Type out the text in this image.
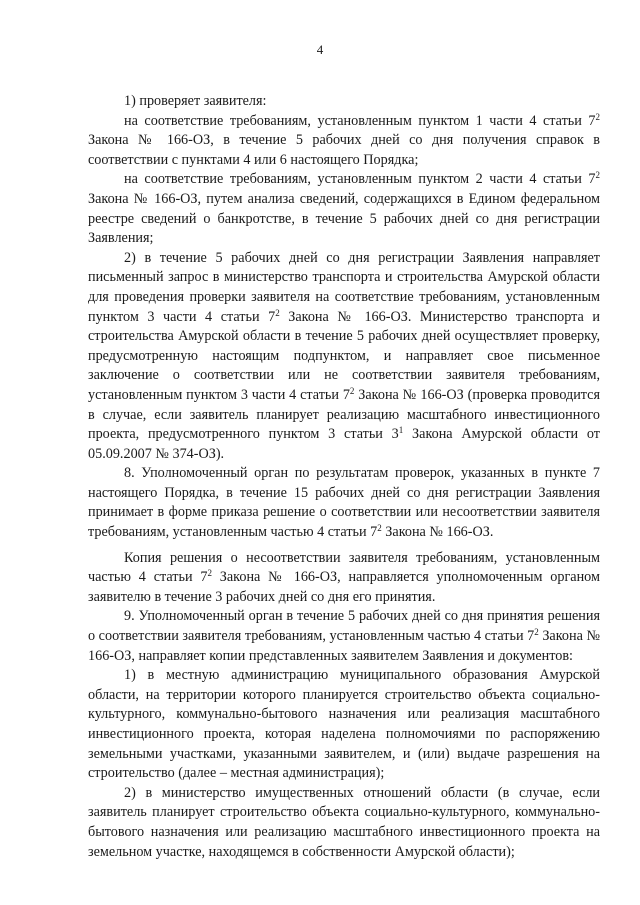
4

1) проверяет заявителя:

на соответствие требованиям, установленным пунктом 1 части 4 статьи $7^2$ Закона № 166-ОЗ, в течение 5 рабочих дней со дня получения справок в соответствии с пунктами 4 или 6 настоящего Порядка;

на соответствие требованиям, установленным пунктом 2 части 4 статьи $7^2$ Закона № 166-ОЗ, путем анализа сведений, содержащихся в Едином федеральном реестре сведений о банкротстве, в течение 5 рабочих дней со дня регистрации Заявления;

2) в течение 5 рабочих дней со дня регистрации Заявления направляет письменный запрос в министерство транспорта и строительства Амурской области для проведения проверки заявителя на соответствие требованиям, установленным пунктом 3 части 4 статьи $7^2$ Закона № 166-ОЗ. Министерство транспорта и строительства Амурской области в течение 5 рабочих дней осуществляет проверку, предусмотренную настоящим подпунктом, и направляет свое письменное заключение о соответствии или не соответствии заявителя требованиям, установленным пунктом 3 части 4 статьи $7^2$ Закона № 166-ОЗ (проверка проводится в случае, если заявитель планирует реализацию масштабного инвестиционного проекта, предусмотренного пунктом 3 статьи $3^1$ Закона Амурской области от 05.09.2007 № 374-ОЗ).

8. Уполномоченный орган по результатам проверок, указанных в пункте 7 настоящего Порядка, в течение 15 рабочих дней со дня регистрации Заявления принимает в форме приказа решение о соответствии или несоответствии заявителя требованиям, установленным частью 4 статьи $7^2$ Закона № 166-ОЗ.

Копия решения о несоответствии заявителя требованиям, установленным частью 4 статьи $7^2$ Закона № 166-ОЗ, направляется уполномоченным органом заявителю в течение 3 рабочих дней со дня его принятия.

9. Уполномоченный орган в течение 5 рабочих дней со дня принятия решения о соответствии заявителя требованиям, установленным частью 4 статьи $7^2$ Закона № 166-ОЗ, направляет копии представленных заявителем Заявления и документов:

1) в местную администрацию муниципального образования Амурской области, на территории которого планируется строительство объекта социально-культурного, коммунально-бытового назначения или реализация масштабного инвестиционного проекта, которая наделена полномочиями по распоряжению земельными участками, указанными заявителем, и (или) выдаче разрешения на строительство (далее – местная администрация);

2) в министерство имущественных отношений области (в случае, если заявитель планирует строительство объекта социально-культурного, коммунально-бытового назначения или реализацию масштабного инвестиционного проекта на земельном участке, находящемся в собственности Амурской области);
